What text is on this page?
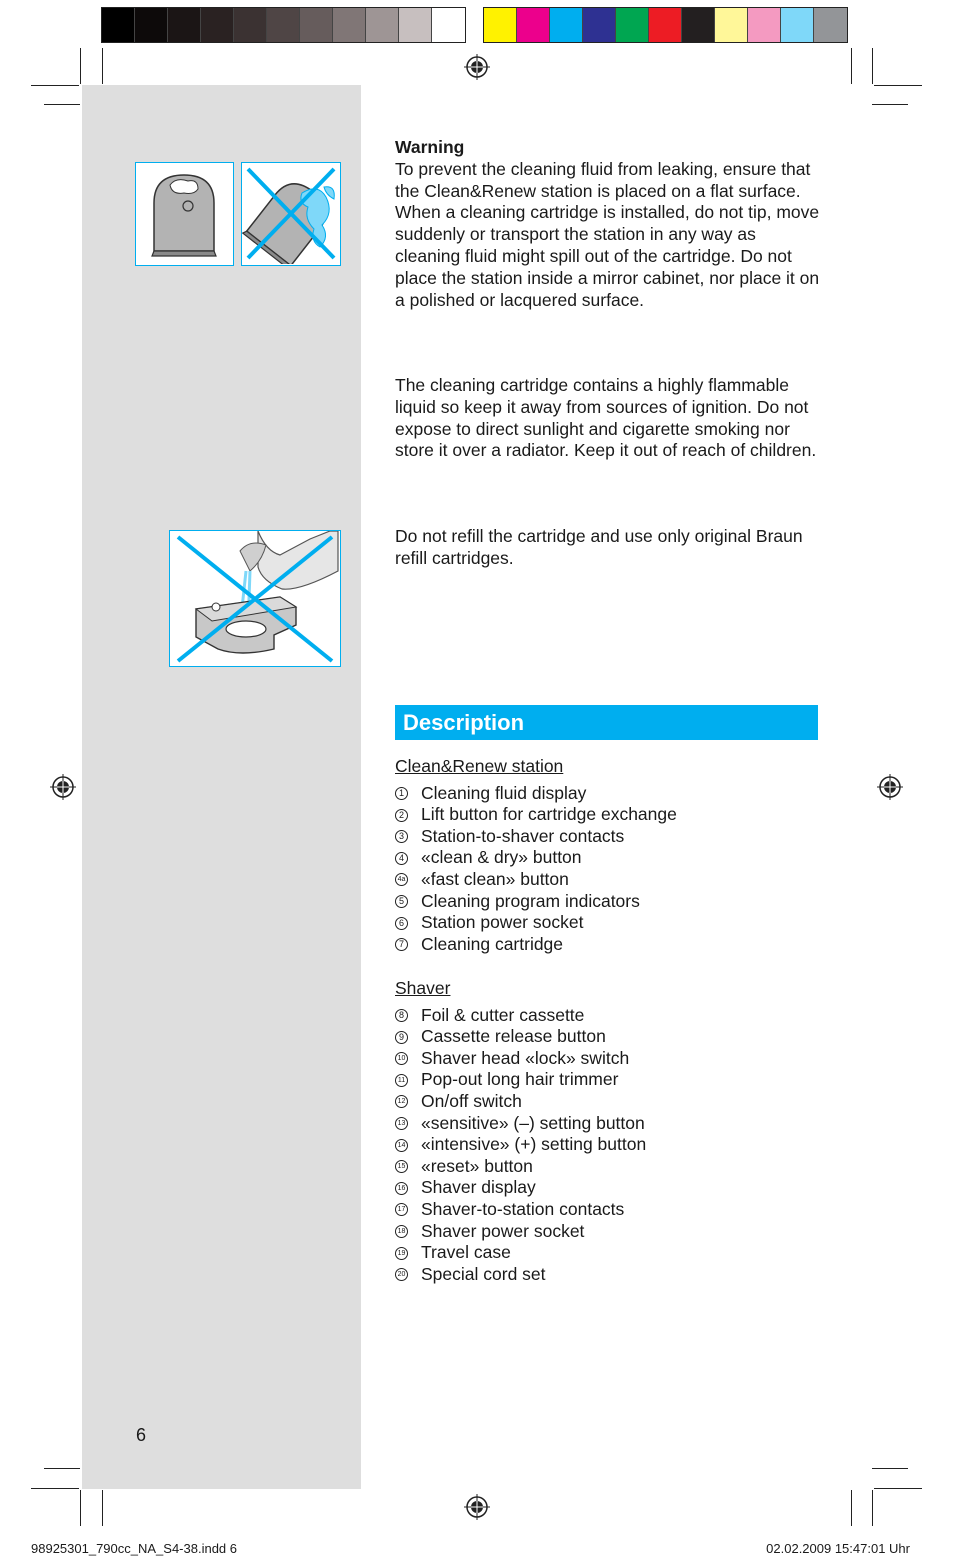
Warning

To prevent the cleaning fluid from leaking, ensure that the Clean&Renew station is placed on a flat surface. When a cleaning cartridge is installed, do not tip, move suddenly or transport the station in any way as cleaning fluid might spill out of the cartridge. Do not place the station inside a mirror cabinet, nor place it on a polished or lacquered surface.

The cleaning cartridge contains a highly flammable liquid so keep it away from sources of ignition. Do not expose to direct sunlight and cigarette smoking nor store it over a radiator. Keep it out of reach of children.

Do not refill the cartridge and use only original Braun refill cartridges.

Description
Clean&Renew station
1 Cleaning fluid display
2 Lift button for cartridge exchange
3 Station-to-shaver contacts
4 «clean & dry» button
4a «fast clean» button
5 Cleaning program indicators
6 Station power socket
7 Cleaning cartridge
Shaver
8 Foil & cutter cassette
9 Cassette release button
10 Shaver head «lock» switch
11 Pop-out long hair trimmer
12 On/off switch
13 «sensitive» (–) setting button
14 «intensive» (+) setting button
15 «reset» button
16 Shaver display
17 Shaver-to-station contacts
18 Shaver power socket
19 Travel case
20 Special cord set
6
98925301_790cc_NA_S4-38.indd 6	02.02.2009 15:47:01 Uhr
